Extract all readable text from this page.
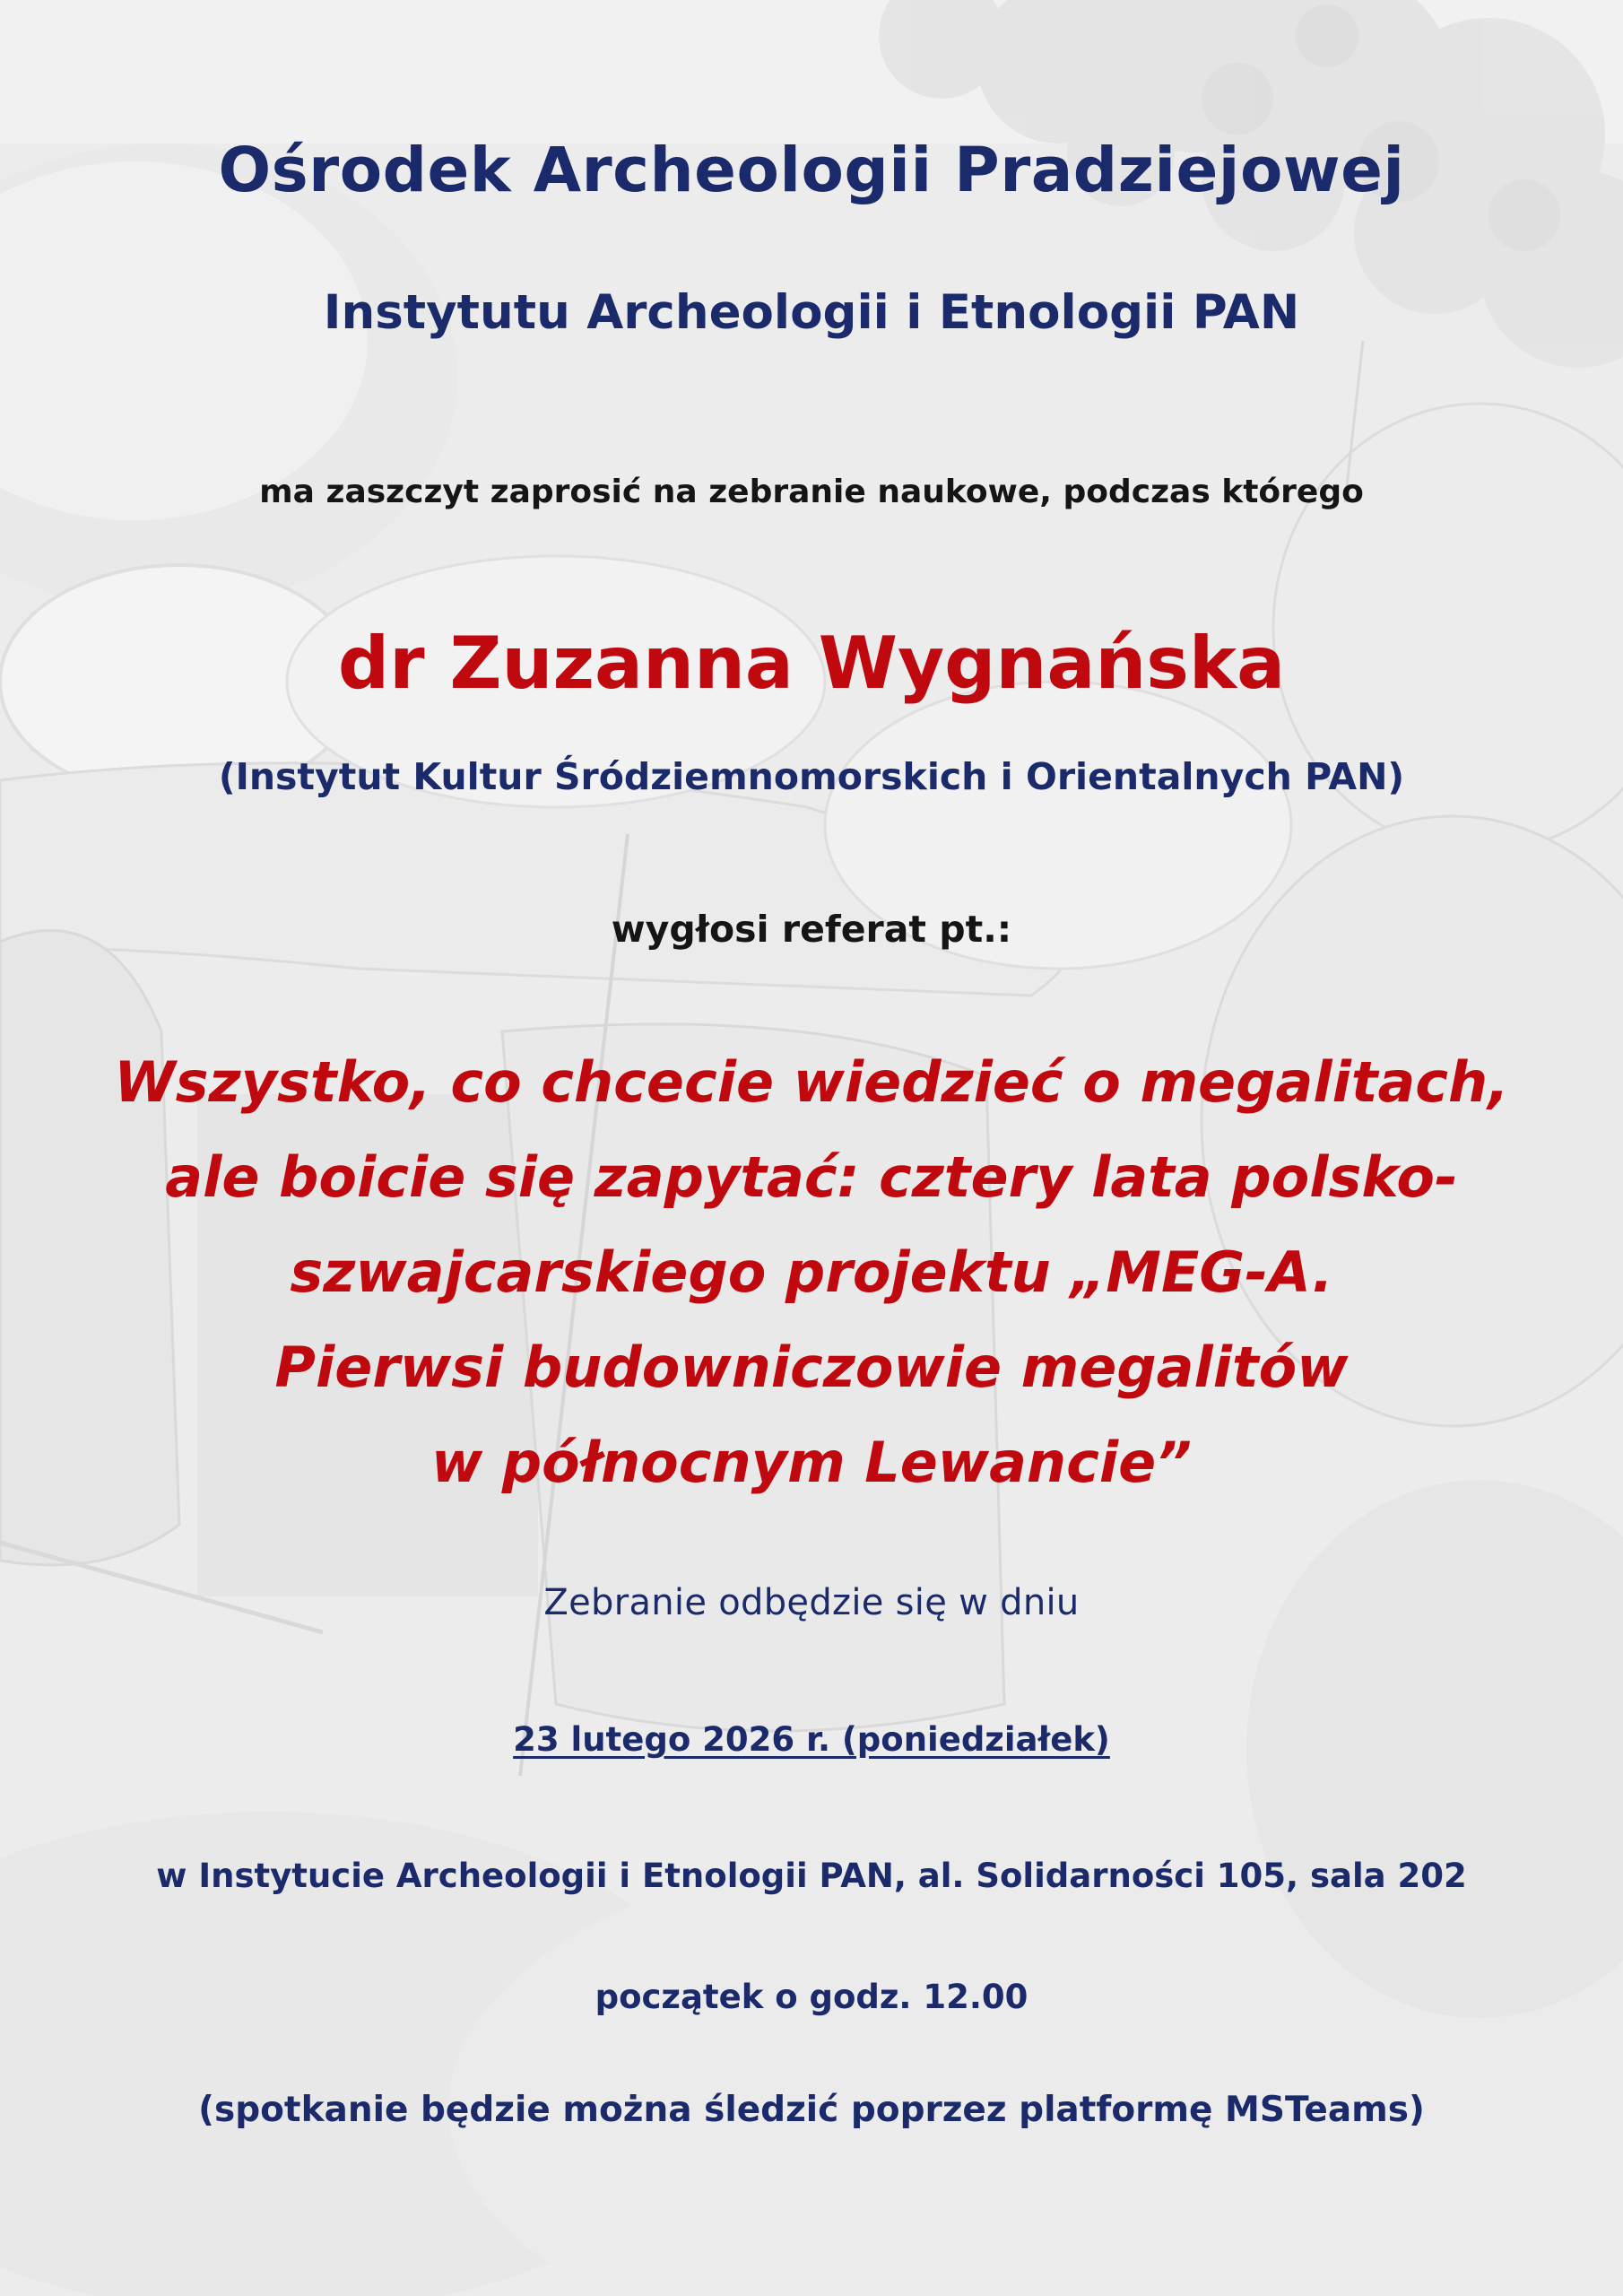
Ośrodek Archeologii Pradziejowej

Instytutu Archeologii i Etnologii PAN

ma zaszczyt zaprosić na zebranie naukowe, podczas którego

dr Zuzanna Wygnańska

(Instytut Kultur Śródziemnomorskich i Orientalnych PAN)

wygłosi referat pt.:

Wszystko, co chcecie wiedzieć o megalitach,
ale boicie się zapytać: cztery lata polsko-
szwajcarskiego projektu „MEG-A.
Pierwsi budowniczowie megalitów
w północnym Lewancie”

Zebranie odbędzie się w dniu

23 lutego 2026 r. (poniedziałek)

w Instytucie Archeologii i Etnologii PAN, al. Solidarności 105, sala 202

początek o godz. 12.00

(spotkanie będzie można śledzić poprzez platformę MSTeams)
